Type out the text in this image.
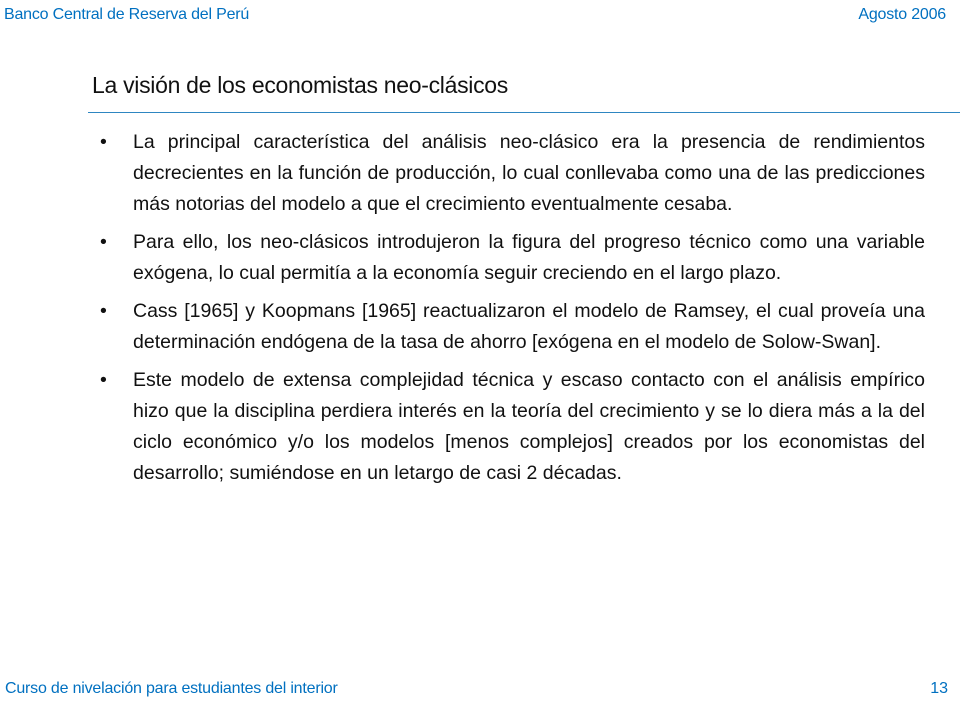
Banco Central de Reserva del Perú	Agosto 2006
La visión de los economistas neo-clásicos
• La principal característica del análisis neo-clásico era la presencia de rendimientos decrecientes en la función de producción, lo cual conllevaba como una de las predicciones más notorias del modelo a que el crecimiento eventualmente cesaba.
• Para ello, los neo-clásicos introdujeron la figura del progreso técnico como una variable exógena, lo cual permitía a la economía seguir creciendo en el largo plazo.
• Cass [1965] y Koopmans [1965] reactualizaron el modelo de Ramsey, el cual proveía una determinación endógena de la tasa de ahorro [exógena en el modelo de Solow-Swan].
• Este modelo de extensa complejidad técnica y escaso contacto con el análisis empírico hizo que la disciplina perdiera interés en la teoría del crecimiento y se lo diera más a la del ciclo económico y/o los modelos [menos complejos] creados por los economistas del desarrollo; sumiéndose en un letargo de casi 2 décadas.
Curso de nivelación para estudiantes del interior	13
